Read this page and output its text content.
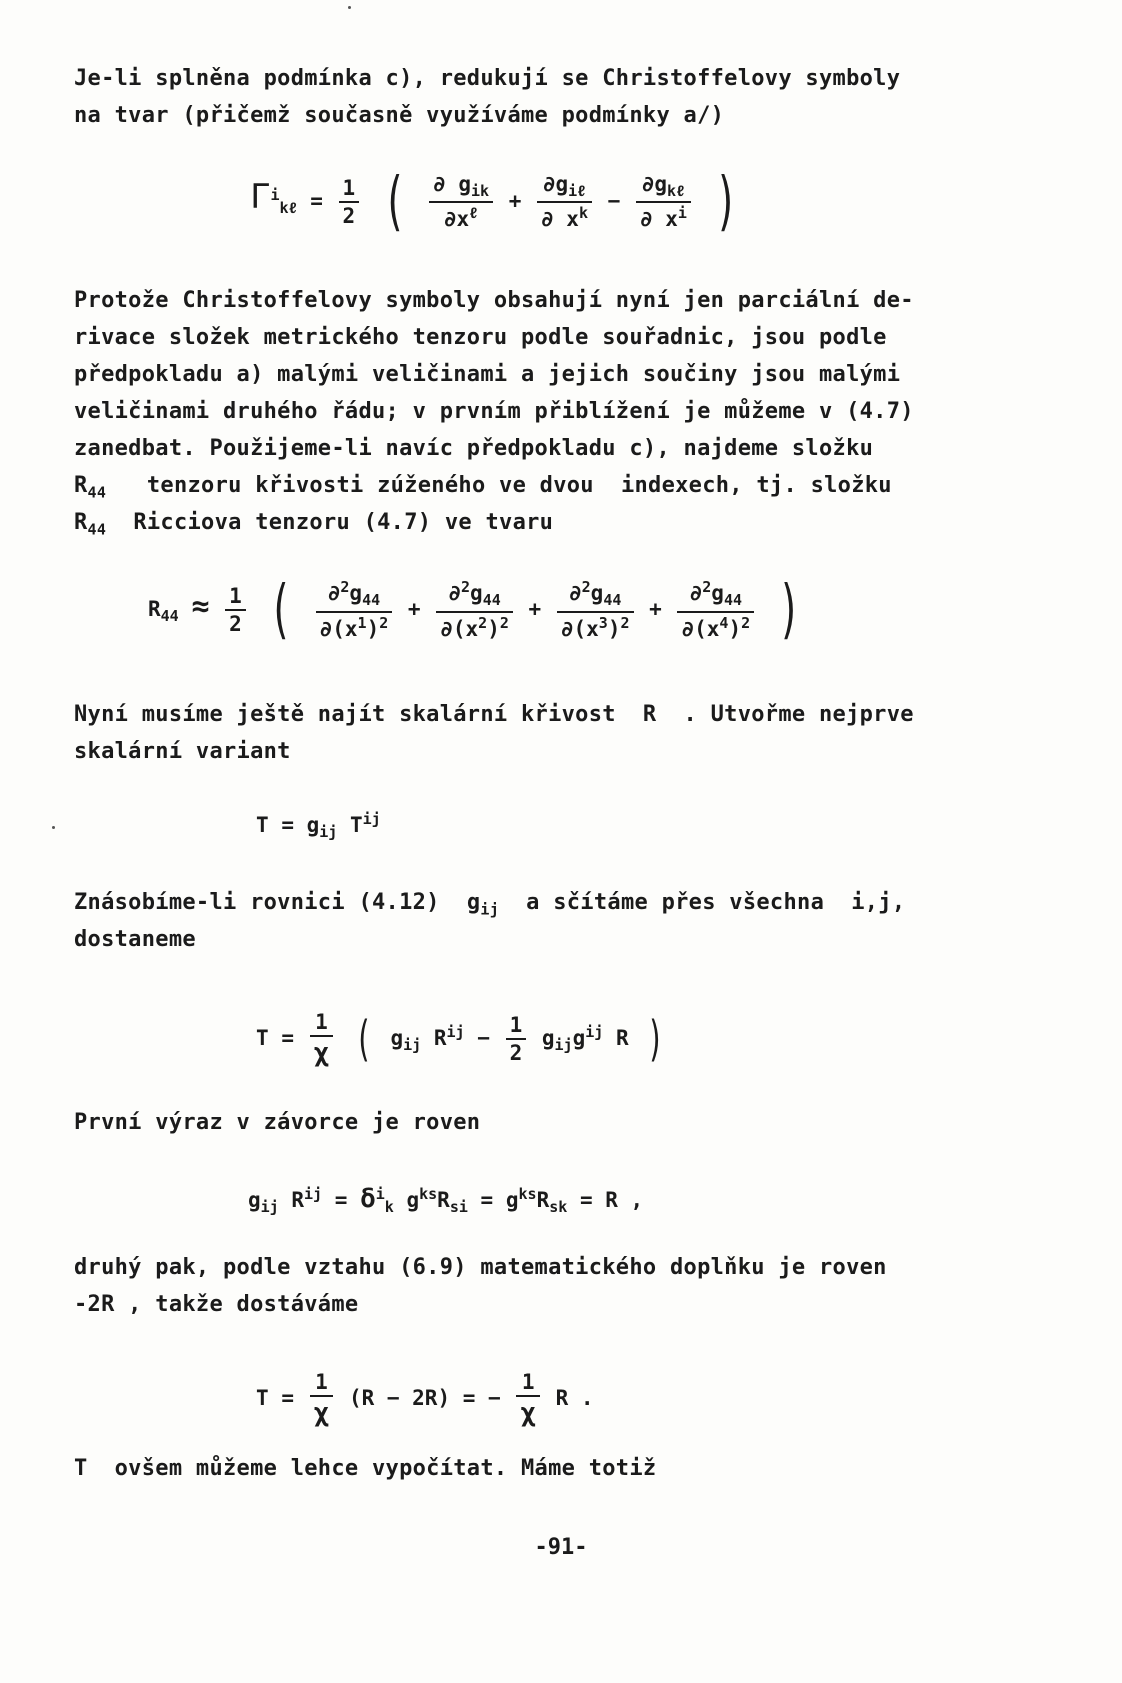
Je-li splněna podmínka c), redukují se Christoffelovy symboly
na tvar (přičemž současně využíváme podmínky a/)
$\Gamma^i_{k\ell} = \frac{1}{2}$ ( $\frac{\partial g_{ik}}{\partial x^\ell} + \frac{\partial g_{i\ell}}{\partial x^k} - \frac{\partial g_{k\ell}}{\partial x^i}$ )
Protože Christoffelovy symboly obsahují nyní jen parciální de-
rivace složek metrického tenzoru podle souřadnic, jsou podle
předpokladu a) malými veličinami a jejich součiny jsou malými
veličinami druhého řádu; v prvním přiblížení je můžeme v (4.7)
zanedbat. Použijeme-li navíc předpokladu c), najdeme složku
$R_{44}$ tenzoru křivosti zúženého ve dvou  indexech, tj. složku
$R_{44}$ Ricciova tenzoru (4.7) ve tvaru
$R_{44} \approx \frac{1}{2}$ ( $\frac{\partial^2g_{44}}{\partial(x^1)^2} + \frac{\partial^2g_{44}}{\partial(x^2)^2} + \frac{\partial^2g_{44}}{\partial(x^3)^2} + \frac{\partial^2g_{44}}{\partial(x^4)^2}$ )
Nyní musíme ještě najít skalární křivost  R  . Utvořme nejprve
skalární variant
$T = g_{ij}$ $T^{ij}$
Znásobíme-li rovnici (4.12) $g_{ij}$ a sčítáme přes všechna  i,j,
dostaneme
$T = \frac{1}{\chi}$ ( $g_{ij}$ $R^{ij} - \frac{1}{2} g_{ij}g^{ij}$ R )
První výraz v závorce je roven
$g_{ij}$ $R^{ij} = \delta^i_k$ $g^{ks}R_{si} = g^{ks}R_{sk} = R$ ,
druhý pak, podle vztahu (6.9) matematického doplňku je roven
-2R , takže dostáváme
$T = \frac{1}{\chi} (R - 2R)$ = − $\frac{1}{\chi}$ R .
T  ovšem můžeme lehce vypočítat. Máme totiž
-91-
